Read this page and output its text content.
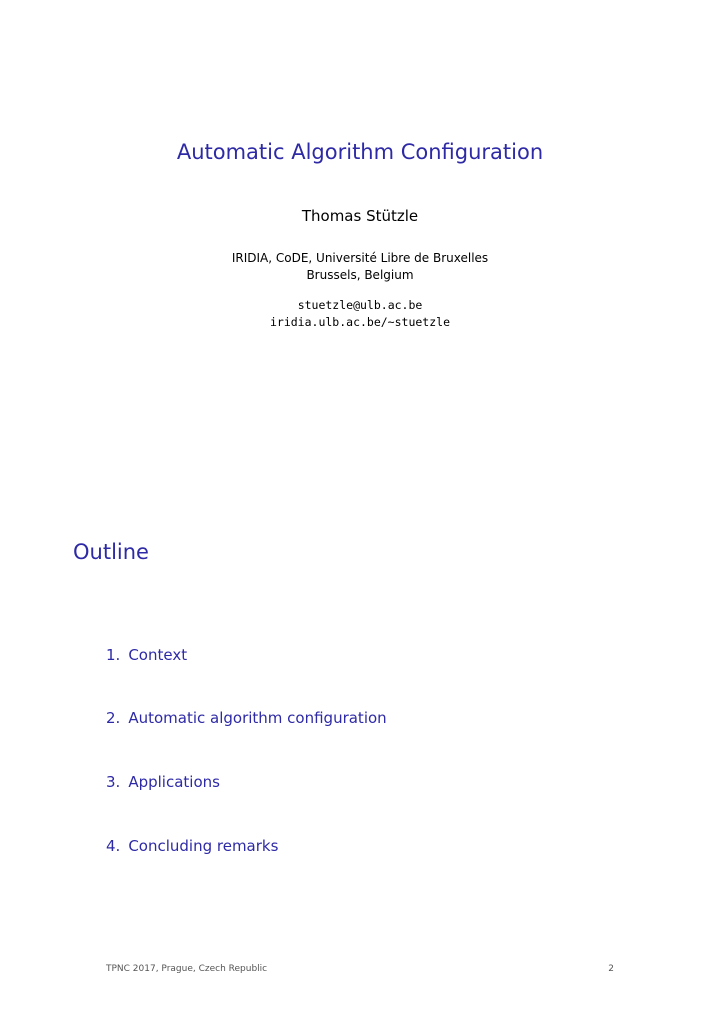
Automatic Algorithm Configuration
Thomas Stützle
IRIDIA, CoDE, Université Libre de Bruxelles
Brussels, Belgium
stuetzle@ulb.ac.be
iridia.ulb.ac.be/~stuetzle
Outline
1. Context
2. Automatic algorithm configuration
3. Applications
4. Concluding remarks
TPNC 2017, Prague, Czech Republic	2
